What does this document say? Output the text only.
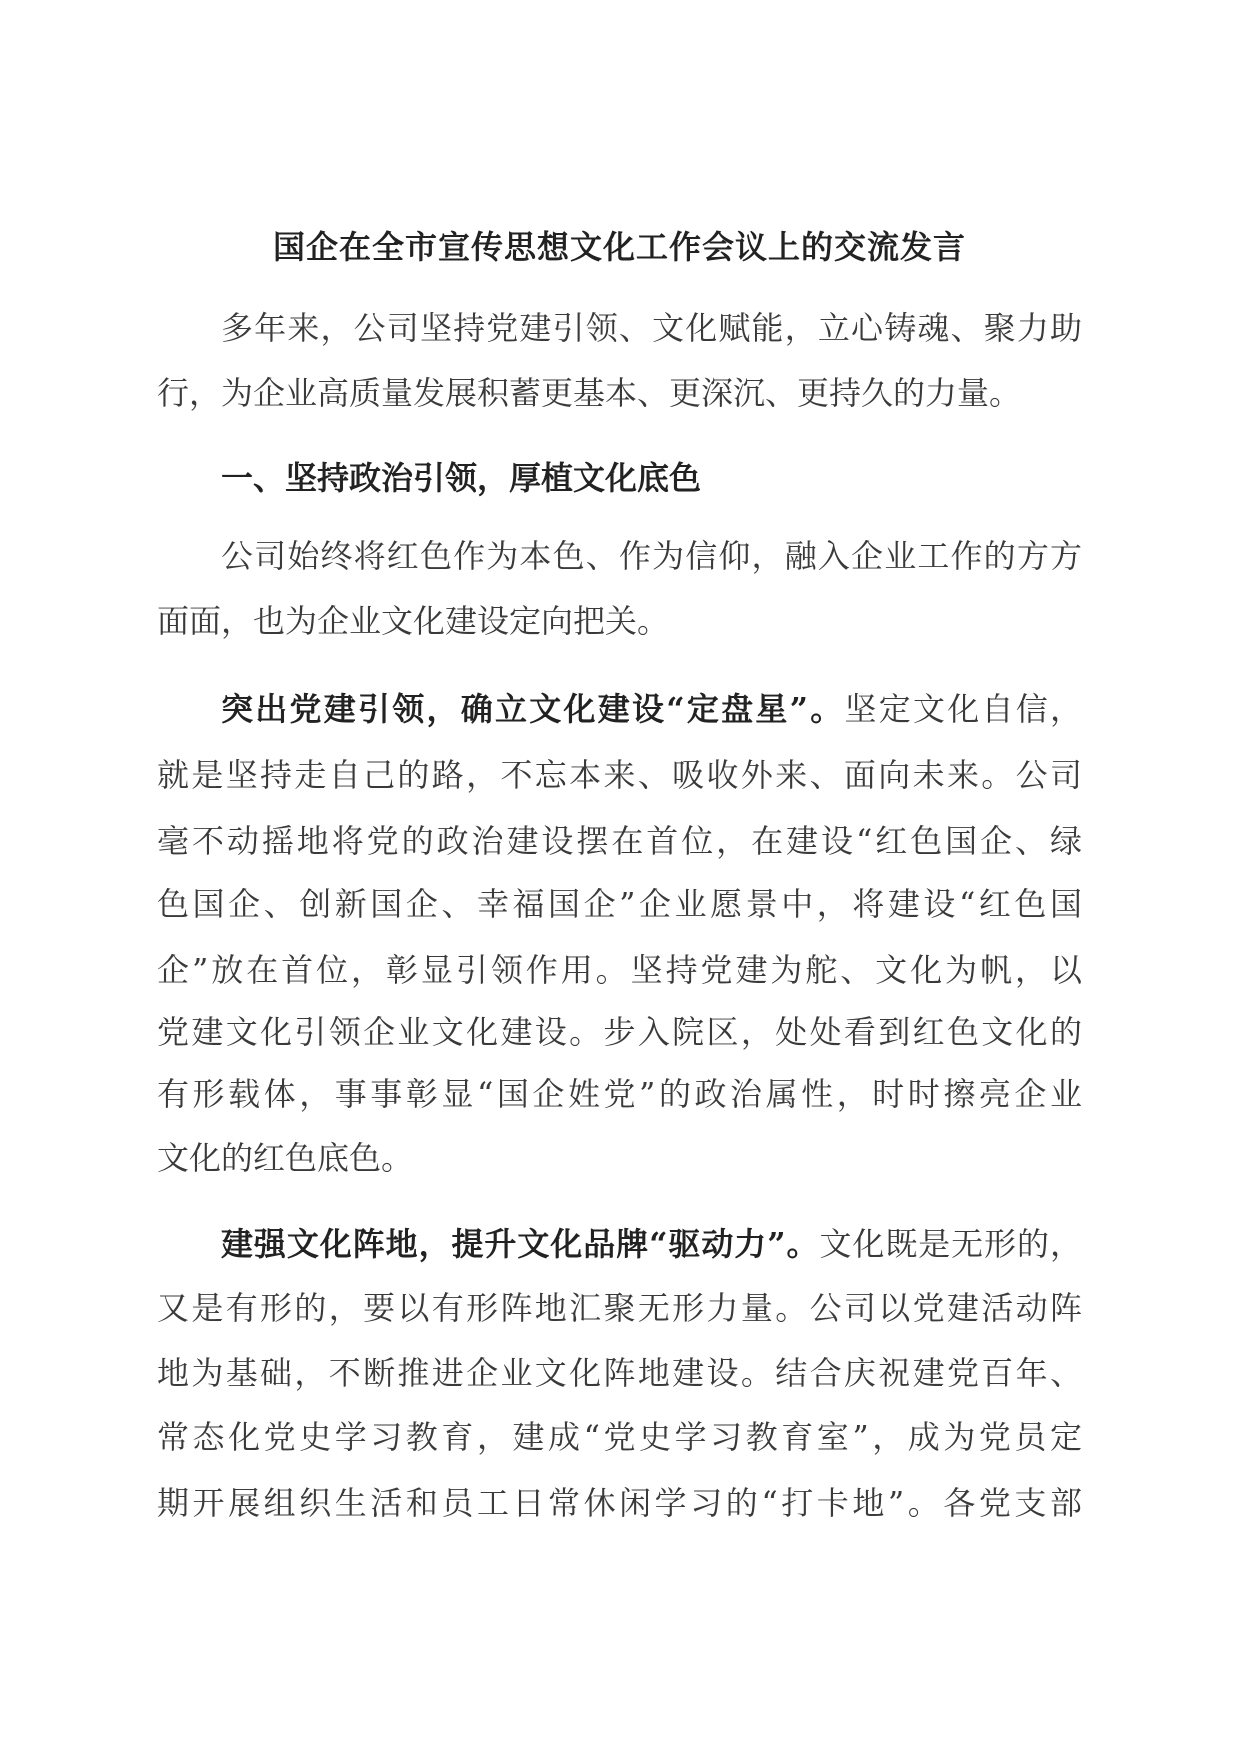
国企在全市宣传思想文化工作会议上的交流发言
多年来，公司坚持党建引领、文化赋能，立心铸魂、聚力助
行，为企业高质量发展积蓄更基本、更深沉、更持久的力量。
一、坚持政治引领，厚植文化底色
公司始终将红色作为本色、作为信仰，融入企业工作的方方
面面，也为企业文化建设定向把关。
突出党建引领，确立文化建设“定盘星”。坚定文化自信，
就是坚持走自己的路，不忘本来、吸收外来、面向未来。公司
毫不动摇地将党的政治建设摆在首位，在建设“红色国企、绿
色国企、创新国企、幸福国企”企业愿景中，将建设“红色国
企”放在首位，彰显引领作用。坚持党建为舵、文化为帆，以
党建文化引领企业文化建设。步入院区，处处看到红色文化的
有形载体，事事彰显“国企姓党”的政治属性，时时擦亮企业
文化的红色底色。
建强文化阵地，提升文化品牌“驱动力”。文化既是无形的，
又是有形的，要以有形阵地汇聚无形力量。公司以党建活动阵
地为基础，不断推进企业文化阵地建设。结合庆祝建党百年、
常态化党史学习教育，建成“党史学习教育室”，成为党员定
期开展组织生活和员工日常休闲学习的“打卡地”。各党支部
